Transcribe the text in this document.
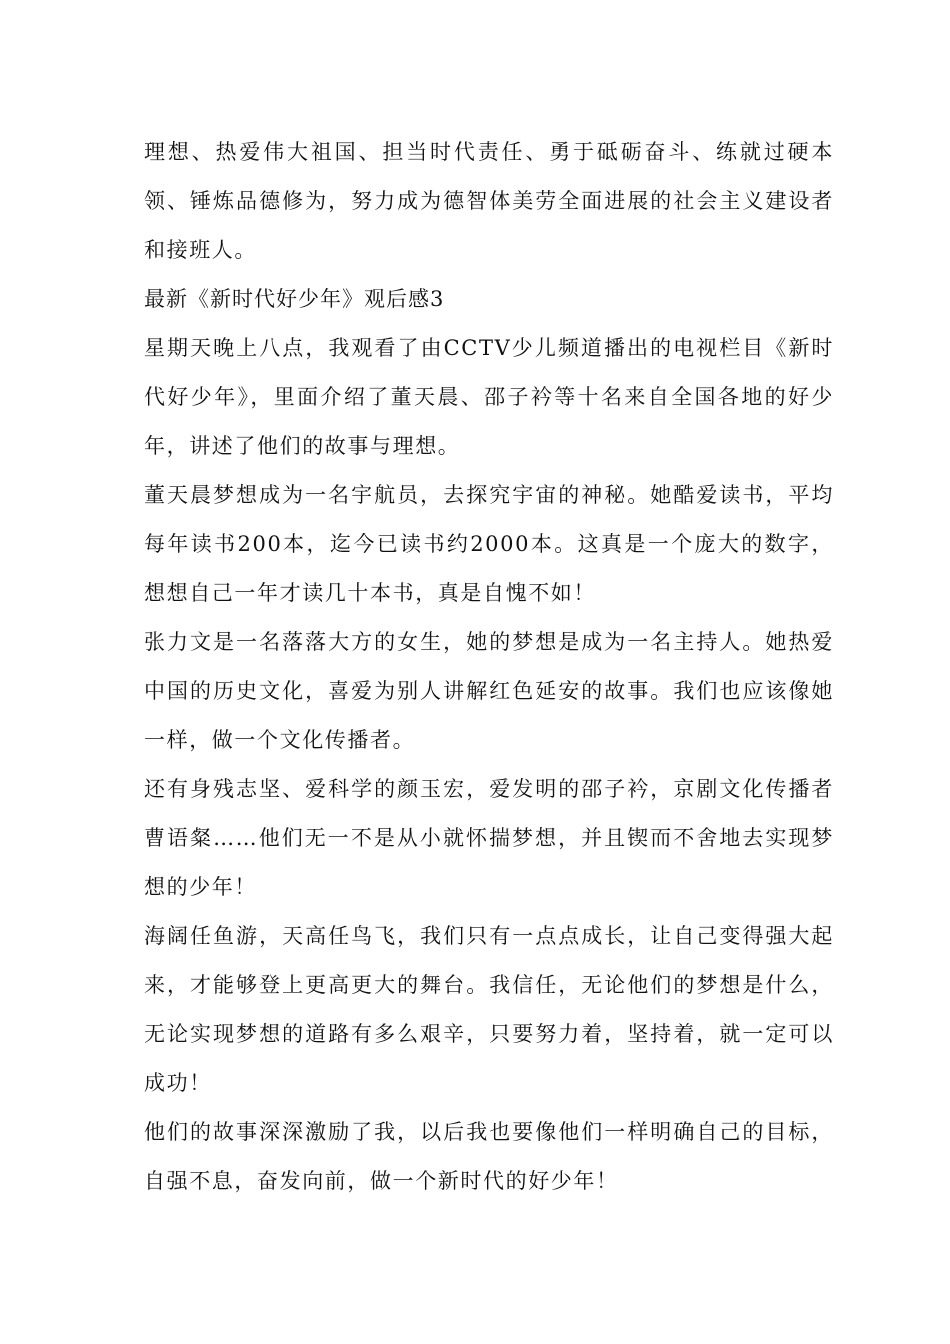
理想、热爱伟大祖国、担当时代责任、勇于砥砺奋斗、练就过硬本领、锤炼品德修为，努力成为德智体美劳全面进展的社会主义建设者和接班人。

最新《新时代好少年》观后感3

星期天晚上八点，我观看了由CCTV少儿频道播出的电视栏目《新时代好少年》，里面介绍了董天晨、邵子衿等十名来自全国各地的好少年，讲述了他们的故事与理想。

董天晨梦想成为一名宇航员，去探究宇宙的神秘。她酷爱读书，平均每年读书200本，迄今已读书约2000本。这真是一个庞大的数字，想想自己一年才读几十本书，真是自愧不如！

张力文是一名落落大方的女生，她的梦想是成为一名主持人。她热爱中国的历史文化，喜爱为别人讲解红色延安的故事。我们也应该像她一样，做一个文化传播者。

还有身残志坚、爱科学的颜玉宏，爱发明的邵子衿，京剧文化传播者曹语粲……他们无一不是从小就怀揣梦想，并且锲而不舍地去实现梦想的少年！

海阔任鱼游，天高任鸟飞，我们只有一点点成长，让自己变得强大起来，才能够登上更高更大的舞台。我信任，无论他们的梦想是什么，无论实现梦想的道路有多么艰辛，只要努力着，坚持着，就一定可以成功！

他们的故事深深激励了我，以后我也要像他们一样明确自己的目标，自强不息，奋发向前，做一个新时代的好少年！
